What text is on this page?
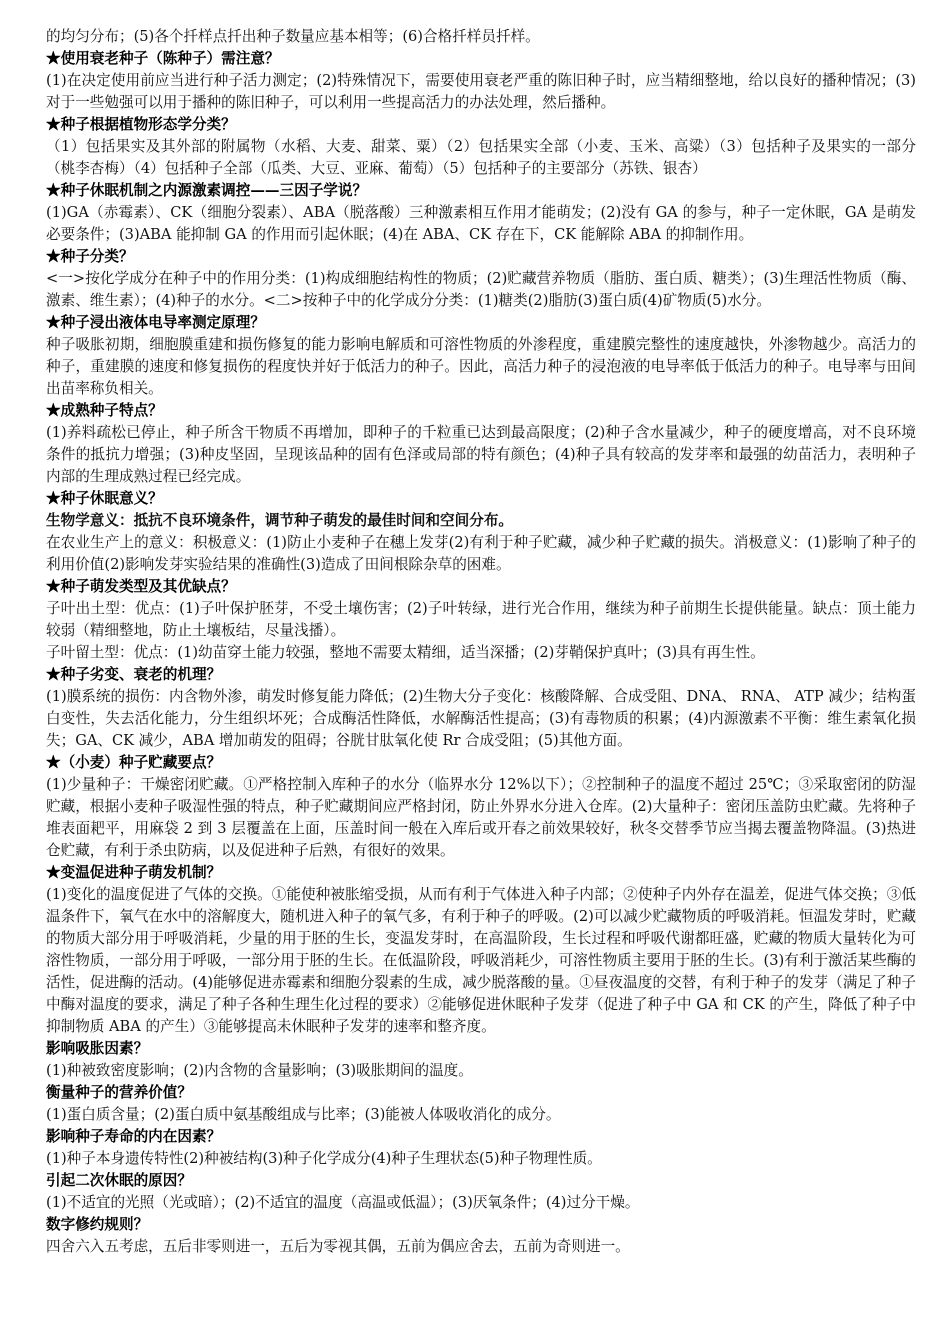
的均匀分布；(5)各个扦样点扦出种子数量应基本相等；(6)合格扦样员扦样。

★使用衰老种子（陈种子）需注意？

(1)在决定使用前应当进行种子活力测定；(2)特殊情况下，需要使用衰老严重的陈旧种子时，应当精细整地，给以良好的播种情况；(3)对于一些勉强可以用于播种的陈旧种子，可以利用一些提高活力的办法处理，然后播种。

★种子根据植物形态学分类？

（1）包括果实及其外部的附属物（水稻、大麦、甜菜、粟）（2）包括果实全部（小麦、玉米、高粱）（3）包括种子及果实的一部分（桃李杏梅）（4）包括种子全部（瓜类、大豆、亚麻、葡萄）（5）包括种子的主要部分（苏铁、银杏）

★种子休眠机制之内源激素调控——三因子学说？

(1)GA（赤霉素）、CK（细胞分裂素）、ABA（脱落酸）三种激素相互作用才能萌发；(2)没有 GA 的参与，种子一定休眠，GA 是萌发必要条件；(3)ABA 能抑制 GA 的作用而引起休眠；(4)在 ABA、CK 存在下，CK 能解除 ABA 的抑制作用。

★种子分类？

<一>按化学成分在种子中的作用分类：(1)构成细胞结构性的物质；(2)贮藏营养物质（脂肪、蛋白质、糖类）；(3)生理活性物质（酶、激素、维生素）；(4)种子的水分。<二>按种子中的化学成分分类：(1)糖类(2)脂肪(3)蛋白质(4)矿物质(5)水分。

★种子浸出液体电导率测定原理？

种子吸胀初期，细胞膜重建和损伤修复的能力影响电解质和可溶性物质的外渗程度，重建膜完整性的速度越快，外渗物越少。高活力的种子，重建膜的速度和修复损伤的程度快并好于低活力的种子。因此，高活力种子的浸泡液的电导率低于低活力的种子。电导率与田间出苗率称负相关。

★成熟种子特点？

(1)养料疏松已停止，种子所含干物质不再增加，即种子的千粒重已达到最高限度；(2)种子含水量减少，种子的硬度增高，对不良环境条件的抵抗力增强；(3)种皮坚固，呈现该品种的固有色泽或局部的特有颜色；(4)种子具有较高的发芽率和最强的幼苗活力，表明种子内部的生理成熟过程已经完成。

★种子休眠意义？

生物学意义：抵抗不良环境条件，调节种子萌发的最佳时间和空间分布。

在农业生产上的意义：积极意义：(1)防止小麦种子在穗上发芽(2)有利于种子贮藏，减少种子贮藏的损失。消极意义：(1)影响了种子的利用价值(2)影响发芽实验结果的准确性(3)造成了田间根除杂草的困难。

★种子萌发类型及其优缺点？

子叶出土型：优点：(1)子叶保护胚芽，不受土壤伤害；(2)子叶转绿，进行光合作用，继续为种子前期生长提供能量。缺点：顶土能力较弱（精细整地，防止土壤板结，尽量浅播）。

子叶留土型：优点：(1)幼苗穿土能力较强，整地不需要太精细，适当深播；(2)芽鞘保护真叶；(3)具有再生性。

★种子劣变、衰老的机理？

(1)膜系统的损伤：内含物外渗，萌发时修复能力降低；(2)生物大分子变化：核酸降解、合成受阻、DNA、 RNA、 ATP 减少；结构蛋白变性，失去活化能力，分生组织坏死；合成酶活性降低，水解酶活性提高；(3)有毒物质的积累；(4)内源激素不平衡：维生素氧化损失；GA、CK 减少，ABA 增加萌发的阻碍；谷胱甘肽氧化使 Rr 合成受阻；(5)其他方面。

★（小麦）种子贮藏要点？

(1)少量种子：干燥密闭贮藏。①严格控制入库种子的水分（临界水分 12%以下）；②控制种子的温度不超过 25℃；③采取密闭的防湿贮藏，根据小麦种子吸湿性强的特点，种子贮藏期间应严格封闭，防止外界水分进入仓库。(2)大量种子：密闭压盖防虫贮藏。先将种子堆表面耙平，用麻袋 2 到 3 层覆盖在上面，压盖时间一般在入库后或开春之前效果较好，秋冬交替季节应当揭去覆盖物降温。(3)热进仓贮藏，有利于杀虫防病，以及促进种子后熟，有很好的效果。

★变温促进种子萌发机制？

(1)变化的温度促进了气体的交换。①能使种被胀缩受损，从而有利于气体进入种子内部；②使种子内外存在温差，促进气体交换；③低温条件下，氧气在水中的溶解度大，随机进入种子的氧气多，有利于种子的呼吸。(2)可以减少贮藏物质的呼吸消耗。恒温发芽时，贮藏的物质大部分用于呼吸消耗，少量的用于胚的生长，变温发芽时，在高温阶段，生长过程和呼吸代谢都旺盛，贮藏的物质大量转化为可溶性物质，一部分用于呼吸，一部分用于胚的生长。在低温阶段，呼吸消耗少，可溶性物质主要用于胚的生长。(3)有利于激活某些酶的活性，促进酶的活动。(4)能够促进赤霉素和细胞分裂素的生成，减少脱落酸的量。①昼夜温度的交替，有利于种子的发芽（满足了种子中酶对温度的要求，满足了种子各种生理生化过程的要求）②能够促进休眠种子发芽（促进了种子中 GA 和 CK 的产生，降低了种子中抑制物质 ABA 的产生）③能够提高未休眠种子发芽的速率和整齐度。

影响吸胀因素？

(1)种被致密度影响；(2)内含物的含量影响；(3)吸胀期间的温度。

衡量种子的营养价值？

(1)蛋白质含量；(2)蛋白质中氨基酸组成与比率；(3)能被人体吸收消化的成分。

影响种子寿命的内在因素？

(1)种子本身遗传特性(2)种被结构(3)种子化学成分(4)种子生理状态(5)种子物理性质。

引起二次休眠的原因？

(1)不适宜的光照（光或暗）；(2)不适宜的温度（高温或低温）；(3)厌氧条件；(4)过分干燥。

数字修约规则？

四舍六入五考虑，五后非零则进一，五后为零视其偶，五前为偶应舍去，五前为奇则进一。
